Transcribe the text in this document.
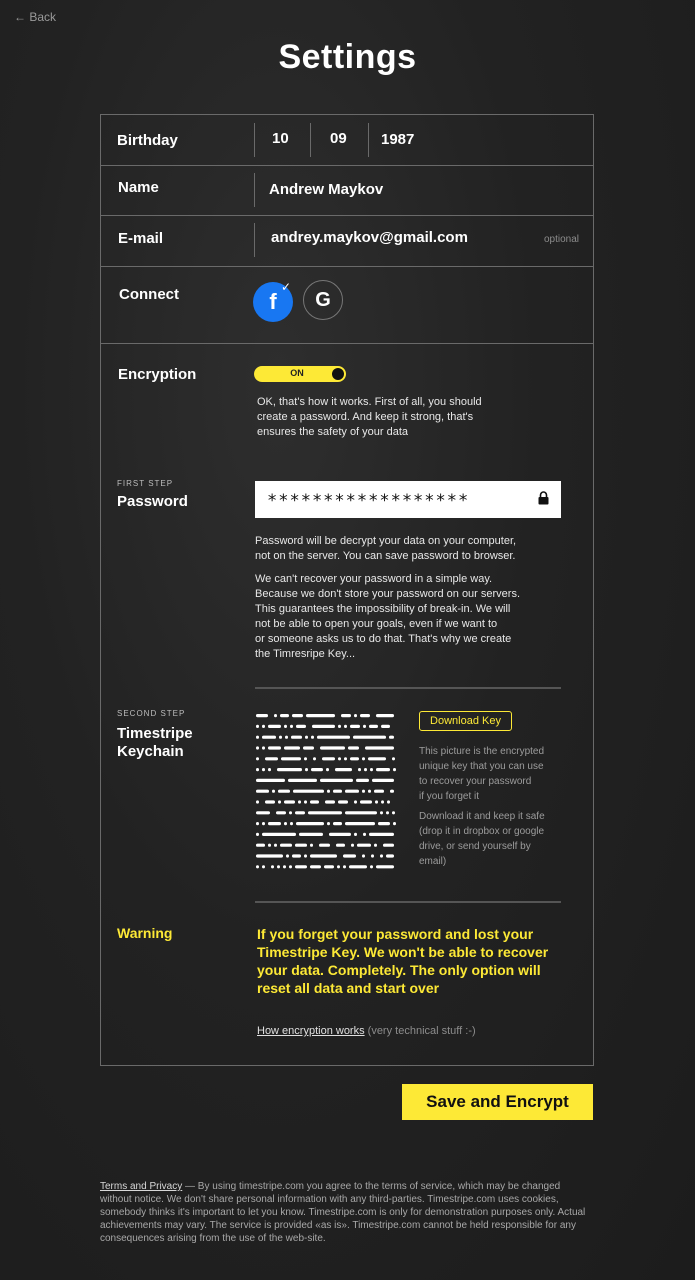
← Back
Settings
Birthday	10	09 1987
Name	Andrew Maykov
E-mail	andrey.maykov@gmail.com	optional
Connect	f
✓
G
Encryption	ON
OK, that's how it works. First of all, you should
create a password. And keep it strong, that's
ensures the safety of your data
FIRST STEP
Password	******************
Password will be decrypt your data on your computer,
not on the server. You can save password to browser.
We can't recover your password in a simple way.
Because we don't store your password on our servers.
This guarantees the impossibility of break-in. We will
not be able to open your goals, even if we want to
or someone asks us to do that. That's why we create
the Timresripe Key...
SECOND STEP
Timestripe
Keychain
Download Key
This picture is the encrypted
unique key that you can use
to recover your password
if you forget it
Download it and keep it safe
(drop it in dropbox or google
drive, or send yourself by
email)
Warning	If you forget your password and lost your
Timestripe Key. We won't be able to recover
your data. Completely. The only option will
reset all data and start over
How encryption works (very technical stuff :-)
Save and Encrypt
Terms and Privacy — By using timestripe.com you agree to the terms of service, which may be changed without notice. We don't share personal information with any third-parties. Timestripe.com uses cookies, somebody thinks it's important to let you know. Timestripe.com is only for demonstration purposes only. Actual achievements may vary. The service is provided «as is». Timestripe.com cannot be held responsible for any consequences arising from the use of the web-site.
